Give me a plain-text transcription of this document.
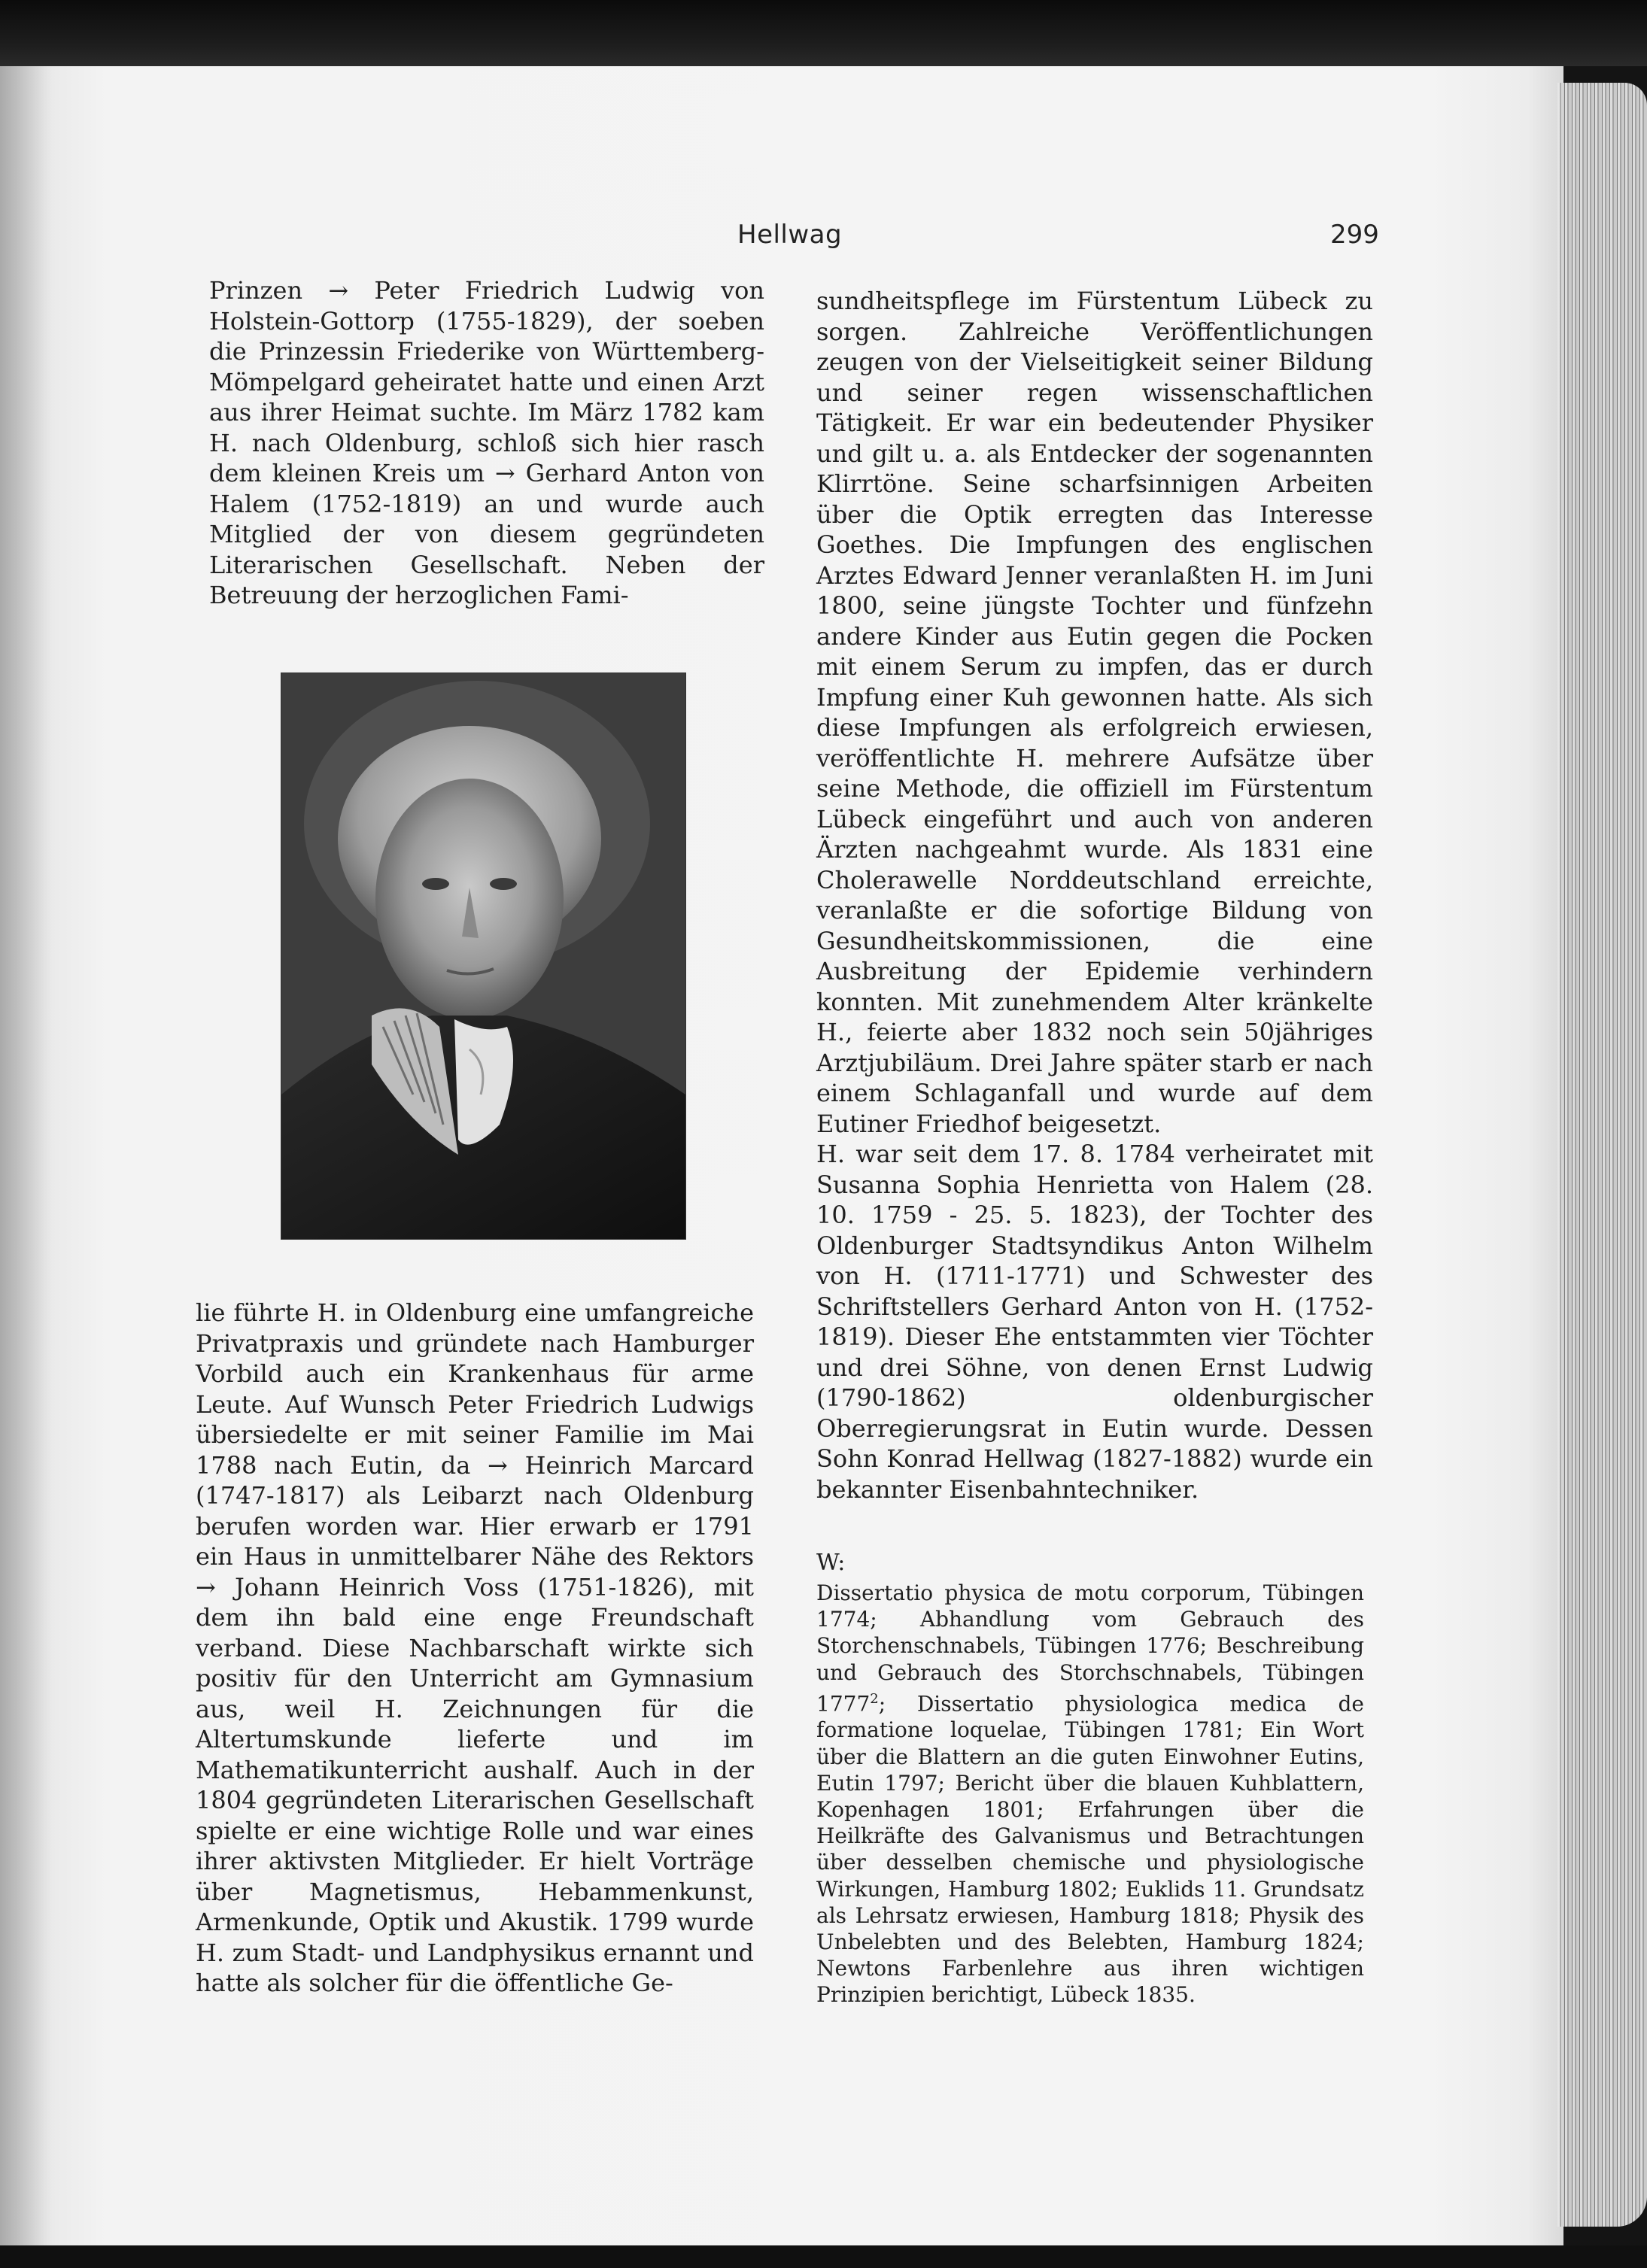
Hellwag	299

Prinzen → Peter Friedrich Ludwig von Holstein-Gottorp (1755-1829), der soeben die Prinzessin Friederike von Württemberg-Mömpelgard geheiratet hatte und einen Arzt aus ihrer Heimat suchte. Im März 1782 kam H. nach Oldenburg, schloß sich hier rasch dem kleinen Kreis um → Gerhard Anton von Halem (1752-1819) an und wurde auch Mitglied der von diesem gegründeten Literarischen Gesellschaft. Neben der Betreuung der herzoglichen Fami-

lie führte H. in Oldenburg eine umfangreiche Privatpraxis und gründete nach Hamburger Vorbild auch ein Krankenhaus für arme Leute. Auf Wunsch Peter Friedrich Ludwigs übersiedelte er mit seiner Familie im Mai 1788 nach Eutin, da → Heinrich Marcard (1747-1817) als Leibarzt nach Oldenburg berufen worden war. Hier erwarb er 1791 ein Haus in unmittelbarer Nähe des Rektors → Johann Heinrich Voss (1751-1826), mit dem ihn bald eine enge Freundschaft verband. Diese Nachbarschaft wirkte sich positiv für den Unterricht am Gymnasium aus, weil H. Zeichnungen für die Altertumskunde lieferte und im Mathematikunterricht aushalf. Auch in der 1804 gegründeten Literarischen Gesellschaft spielte er eine wichtige Rolle und war eines ihrer aktivsten Mitglieder. Er hielt Vorträge über Magnetismus, Hebammenkunst, Armenkunde, Optik und Akustik. 1799 wurde H. zum Stadt- und Landphysikus ernannt und hatte als solcher für die öffentliche Ge-

sundheitspflege im Fürstentum Lübeck zu sorgen. Zahlreiche Veröffentlichungen zeugen von der Vielseitigkeit seiner Bildung und seiner regen wissenschaftlichen Tätigkeit. Er war ein bedeutender Physiker und gilt u. a. als Entdecker der sogenannten Klirrtöne. Seine scharfsinnigen Arbeiten über die Optik erregten das Interesse Goethes. Die Impfungen des englischen Arztes Edward Jenner veranlaßten H. im Juni 1800, seine jüngste Tochter und fünfzehn andere Kinder aus Eutin gegen die Pocken mit einem Serum zu impfen, das er durch Impfung einer Kuh gewonnen hatte. Als sich diese Impfungen als erfolgreich erwiesen, veröffentlichte H. mehrere Aufsätze über seine Methode, die offiziell im Fürstentum Lübeck eingeführt und auch von anderen Ärzten nachgeahmt wurde. Als 1831 eine Cholerawelle Norddeutschland erreichte, veranlaßte er die sofortige Bildung von Gesundheitskommissionen, die eine Ausbreitung der Epidemie verhindern konnten. Mit zunehmendem Alter kränkelte H., feierte aber 1832 noch sein 50jähriges Arztjubiläum. Drei Jahre später starb er nach einem Schlaganfall und wurde auf dem Eutiner Friedhof beigesetzt.

H. war seit dem 17. 8. 1784 verheiratet mit Susanna Sophia Henrietta von Halem (28. 10. 1759 - 25. 5. 1823), der Tochter des Oldenburger Stadtsyndikus Anton Wilhelm von H. (1711-1771) und Schwester des Schriftstellers Gerhard Anton von H. (1752-1819). Dieser Ehe entstammten vier Töchter und drei Söhne, von denen Ernst Ludwig (1790-1862) oldenburgischer Oberregierungsrat in Eutin wurde. Dessen Sohn Konrad Hellwag (1827-1882) wurde ein bekannter Eisenbahntechniker.

W:
Dissertatio physica de motu corporum, Tübingen 1774; Abhandlung vom Gebrauch des Storchenschnabels, Tübingen 1776; Beschreibung und Gebrauch des Storchschnabels, Tübingen 1777$^2$; Dissertatio physiologica medica de formatione loquelae, Tübingen 1781; Ein Wort über die Blattern an die guten Einwohner Eutins, Eutin 1797; Bericht über die blauen Kuhblattern, Kopenhagen 1801; Erfahrungen über die Heilkräfte des Galvanismus und Betrachtungen über desselben chemische und physiologische Wirkungen, Hamburg 1802; Euklids 11. Grundsatz als Lehrsatz erwiesen, Hamburg 1818; Physik des Unbelebten und des Belebten, Hamburg 1824; Newtons Farbenlehre aus ihren wichtigen Prinzipien berichtigt, Lübeck 1835.
